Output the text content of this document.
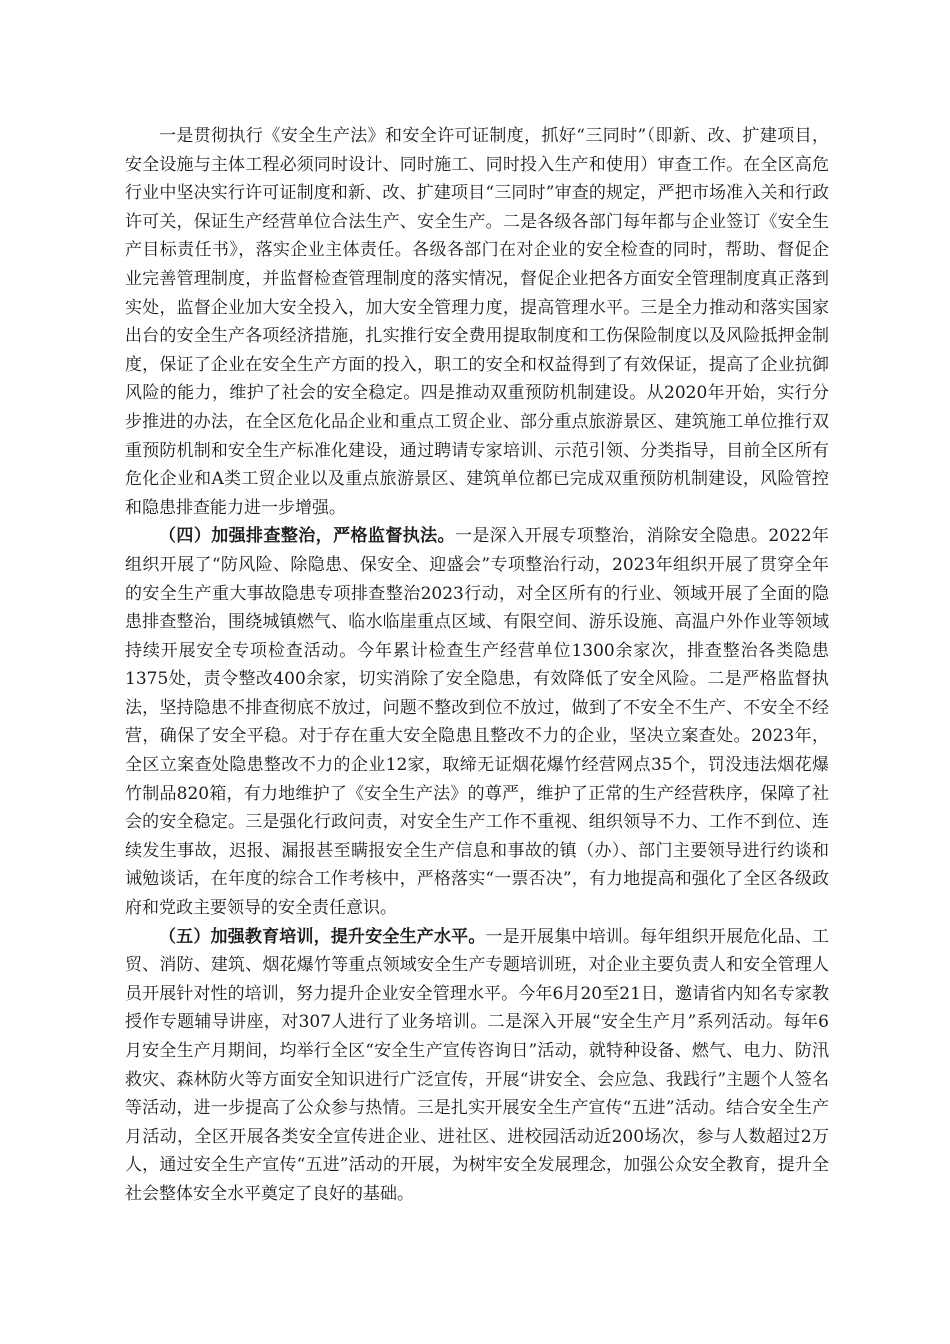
一是贯彻执行《安全生产法》和安全许可证制度，抓好“三同时”（即新、改、扩建项目，安全设施与主体工程必须同时设计、同时施工、同时投入生产和使用）审查工作。在全区高危行业中坚决实行许可证制度和新、改、扩建项目“三同时”审查的规定，严把市场准入关和行政许可关，保证生产经营单位合法生产、安全生产。二是各级各部门每年都与企业签订《安全生产目标责任书》，落实企业主体责任。各级各部门在对企业的安全检查的同时，帮助、督促企业完善管理制度，并监督检查管理制度的落实情况，督促企业把各方面安全管理制度真正落到实处，监督企业加大安全投入，加大安全管理力度，提高管理水平。三是全力推动和落实国家出台的安全生产各项经济措施，扎实推行安全费用提取制度和工伤保险制度以及风险抵押金制度，保证了企业在安全生产方面的投入，职工的安全和权益得到了有效保证，提高了企业抗御风险的能力，维护了社会的安全稳定。四是推动双重预防机制建设。从2020年开始，实行分步推进的办法，在全区危化品企业和重点工贸企业、部分重点旅游景区、建筑施工单位推行双重预防机制和安全生产标准化建设，通过聘请专家培训、示范引领、分类指导，目前全区所有危化企业和A类工贸企业以及重点旅游景区、建筑单位都已完成双重预防机制建设，风险管控和隐患排查能力进一步增强。

（四）加强排查整治，严格监督执法。一是深入开展专项整治，消除安全隐患。2022年组织开展了“防风险、除隐患、保安全、迎盛会”专项整治行动，2023年组织开展了贯穿全年的安全生产重大事故隐患专项排查整治2023行动，对全区所有的行业、领域开展了全面的隐患排查整治，围绕城镇燃气、临水临崖重点区域、有限空间、游乐设施、高温户外作业等领域持续开展安全专项检查活动。今年累计检查生产经营单位1300余家次，排查整治各类隐患1375处，责令整改400余家，切实消除了安全隐患，有效降低了安全风险。二是严格监督执法，坚持隐患不排查彻底不放过，问题不整改到位不放过，做到了不安全不生产、不安全不经营，确保了安全平稳。对于存在重大安全隐患且整改不力的企业，坚决立案查处。2023年，全区立案查处隐患整改不力的企业12家，取缔无证烟花爆竹经营网点35个，罚没违法烟花爆竹制品820箱，有力地维护了《安全生产法》的尊严，维护了正常的生产经营秩序，保障了社会的安全稳定。三是强化行政问责，对安全生产工作不重视、组织领导不力、工作不到位、连续发生事故，迟报、漏报甚至瞒报安全生产信息和事故的镇（办）、部门主要领导进行约谈和诫勉谈话，在年度的综合工作考核中，严格落实“一票否决”，有力地提高和强化了全区各级政府和党政主要领导的安全责任意识。

（五）加强教育培训，提升安全生产水平。一是开展集中培训。每年组织开展危化品、工贸、消防、建筑、烟花爆竹等重点领域安全生产专题培训班，对企业主要负责人和安全管理人员开展针对性的培训，努力提升企业安全管理水平。今年6月20至21日，邀请省内知名专家教授作专题辅导讲座，对307人进行了业务培训。二是深入开展“安全生产月”系列活动。每年6月安全生产月期间，均举行全区“安全生产宣传咨询日”活动，就特种设备、燃气、电力、防汛救灾、森林防火等方面安全知识进行广泛宣传，开展“讲安全、会应急、我践行”主题个人签名等活动，进一步提高了公众参与热情。三是扎实开展安全生产宣传“五进”活动。结合安全生产月活动，全区开展各类安全宣传进企业、进社区、进校园活动近200场次，参与人数超过2万人，通过安全生产宣传“五进”活动的开展，为树牢安全发展理念，加强公众安全教育，提升全社会整体安全水平奠定了良好的基础。
